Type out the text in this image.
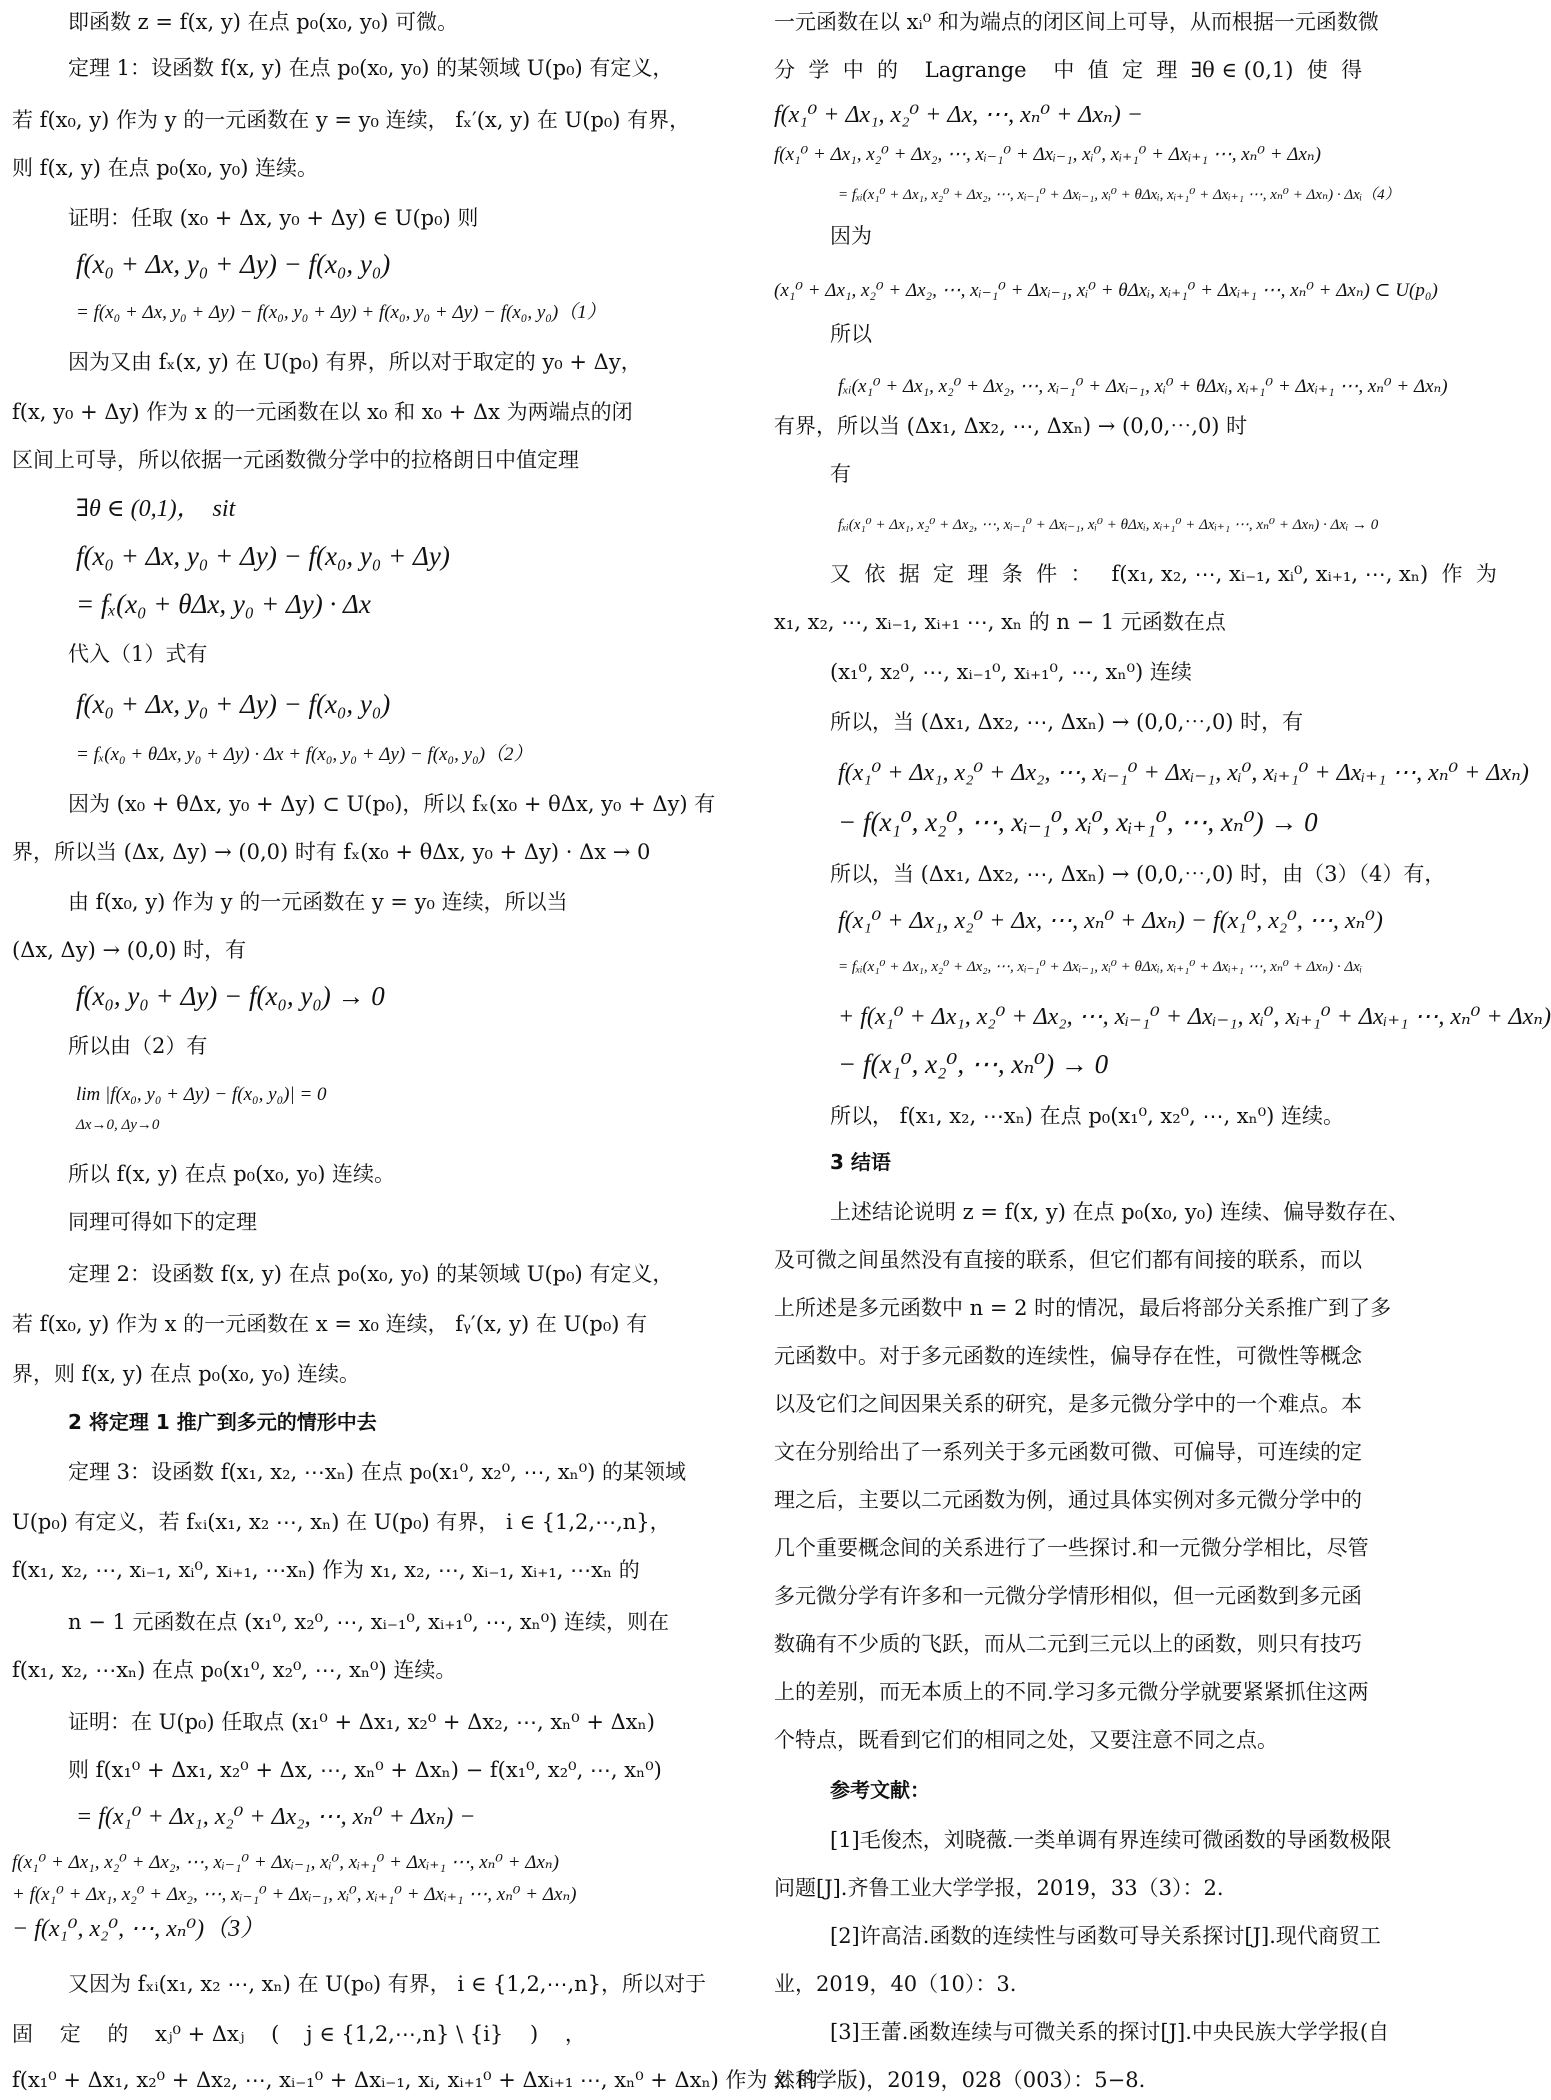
即函数 z = f(x, y) 在点 p₀(x₀, y₀) 可微。
定理 1：设函数 f(x, y) 在点 p₀(x₀, y₀) 的某领域 U(p₀) 有定义，
若 f(x₀, y) 作为 y 的一元函数在 y = y₀ 连续， fₓ′(x, y) 在 U(p₀) 有界，
则 f(x, y) 在点 p₀(x₀, y₀) 连续。
证明：任取 (x₀ + Δx, y₀ + Δy) ∈ U(p₀) 则
f(x₀ + Δx, y₀ + Δy) − f(x₀, y₀)
= f(x₀ + Δx, y₀ + Δy) − f(x₀, y₀ + Δy) + f(x₀, y₀ + Δy) − f(x₀, y₀)（1）
因为又由 fₓ(x, y) 在 U(p₀) 有界，所以对于取定的 y₀ + Δy，
f(x, y₀ + Δy) 作为 x 的一元函数在以 x₀ 和 x₀ + Δx 为两端点的闭
区间上可导，所以依据一元函数微分学中的拉格朗日中值定理
∃θ ∈ (0,1)，  sit
f(x₀ + Δx, y₀ + Δy) − f(x₀, y₀ + Δy)
= fₓ(x₀ + θΔx, y₀ + Δy) · Δx
代入（1）式有
f(x₀ + Δx, y₀ + Δy) − f(x₀, y₀)
= fₓ(x₀ + θΔx, y₀ + Δy) · Δx + f(x₀, y₀ + Δy) − f(x₀, y₀)（2）
因为 (x₀ + θΔx, y₀ + Δy) ⊂ U(p₀)，所以 fₓ(x₀ + θΔx, y₀ + Δy) 有
界，所以当 (Δx, Δy) → (0,0) 时有 fₓ(x₀ + θΔx, y₀ + Δy) · Δx → 0
由 f(x₀, y) 作为 y 的一元函数在 y = y₀ 连续，所以当
(Δx, Δy) → (0,0) 时，有
f(x₀, y₀ + Δy) − f(x₀, y₀) → 0
所以由（2）有
lim |f(x₀, y₀ + Δy) − f(x₀, y₀)| = 0
Δx→0, Δy→0
所以 f(x, y) 在点 p₀(x₀, y₀) 连续。
同理可得如下的定理
定理 2：设函数 f(x, y) 在点 p₀(x₀, y₀) 的某领域 U(p₀) 有定义，
若 f(x₀, y) 作为 x 的一元函数在 x = x₀ 连续， fᵧ′(x, y) 在 U(p₀) 有
界，则 f(x, y) 在点 p₀(x₀, y₀) 连续。
2 将定理 1 推广到多元的情形中去
定理 3：设函数 f(x₁, x₂, ⋯xₙ) 在点 p₀(x₁⁰, x₂⁰, ⋯, xₙ⁰) 的某领域
U(p₀) 有定义，若 fₓᵢ(x₁, x₂ ⋯, xₙ) 在 U(p₀) 有界， i ∈ {1,2,⋯,n}，
f(x₁, x₂, ⋯, xᵢ₋₁, xᵢ⁰, xᵢ₊₁, ⋯xₙ) 作为 x₁, x₂, ⋯, xᵢ₋₁, xᵢ₊₁, ⋯xₙ 的
n − 1 元函数在点 (x₁⁰, x₂⁰, ⋯, xᵢ₋₁⁰, xᵢ₊₁⁰, ⋯, xₙ⁰) 连续，则在
f(x₁, x₂, ⋯xₙ) 在点 p₀(x₁⁰, x₂⁰, ⋯, xₙ⁰) 连续。
证明：在 U(p₀) 任取点 (x₁⁰ + Δx₁, x₂⁰ + Δx₂, ⋯, xₙ⁰ + Δxₙ)
则 f(x₁⁰ + Δx₁, x₂⁰ + Δx, ⋯, xₙ⁰ + Δxₙ) − f(x₁⁰, x₂⁰, ⋯, xₙ⁰)
= f(x₁⁰ + Δx₁, x₂⁰ + Δx₂, ⋯, xₙ⁰ + Δxₙ) −
f(x₁⁰ + Δx₁, x₂⁰ + Δx₂, ⋯, xᵢ₋₁⁰ + Δxᵢ₋₁, xᵢ⁰, xᵢ₊₁⁰ + Δxᵢ₊₁ ⋯, xₙ⁰ + Δxₙ)
+ f(x₁⁰ + Δx₁, x₂⁰ + Δx₂, ⋯, xᵢ₋₁⁰ + Δxᵢ₋₁, xᵢ⁰, xᵢ₊₁⁰ + Δxᵢ₊₁ ⋯, xₙ⁰ + Δxₙ)
− f(x₁⁰, x₂⁰, ⋯, xₙ⁰)（3）
又因为 fₓᵢ(x₁, x₂ ⋯, xₙ) 在 U(p₀) 有界， i ∈ {1,2,⋯,n}，所以对于
固    定    的    xⱼ⁰ + Δxⱼ    (    j ∈ {1,2,⋯,n} \ {i}    )    ，
f(x₁⁰ + Δx₁, x₂⁰ + Δx₂, ⋯, xᵢ₋₁⁰ + Δxᵢ₋₁, xᵢ, xᵢ₊₁⁰ + Δxᵢ₊₁ ⋯, xₙ⁰ + Δxₙ) 作为 xᵢ 的
一元函数在以 xᵢ⁰ 和为端点的闭区间上可导，从而根据一元函数微
分  学  中  的    Lagrange    中  值  定  理  ∃θ ∈ (0,1)  使  得
f(x₁⁰ + Δx₁, x₂⁰ + Δx, ⋯, xₙ⁰ + Δxₙ) −
f(x₁⁰ + Δx₁, x₂⁰ + Δx₂, ⋯, xᵢ₋₁⁰ + Δxᵢ₋₁, xᵢ⁰, xᵢ₊₁⁰ + Δxᵢ₊₁ ⋯, xₙ⁰ + Δxₙ)
= fₓᵢ(x₁⁰ + Δx₁, x₂⁰ + Δx₂, ⋯, xᵢ₋₁⁰ + Δxᵢ₋₁, xᵢ⁰ + θΔxᵢ, xᵢ₊₁⁰ + Δxᵢ₊₁ ⋯, xₙ⁰ + Δxₙ) · Δxᵢ（4）
因为
(x₁⁰ + Δx₁, x₂⁰ + Δx₂, ⋯, xᵢ₋₁⁰ + Δxᵢ₋₁, xᵢ⁰ + θΔxᵢ, xᵢ₊₁⁰ + Δxᵢ₊₁ ⋯, xₙ⁰ + Δxₙ) ⊂ U(p₀)
所以
fₓᵢ(x₁⁰ + Δx₁, x₂⁰ + Δx₂, ⋯, xᵢ₋₁⁰ + Δxᵢ₋₁, xᵢ⁰ + θΔxᵢ, xᵢ₊₁⁰ + Δxᵢ₊₁ ⋯, xₙ⁰ + Δxₙ)
有界，所以当 (Δx₁, Δx₂, ⋯, Δxₙ) → (0,0,⋯,0) 时
有
fₓᵢ(x₁⁰ + Δx₁, x₂⁰ + Δx₂, ⋯, xᵢ₋₁⁰ + Δxᵢ₋₁, xᵢ⁰ + θΔxᵢ, xᵢ₊₁⁰ + Δxᵢ₊₁ ⋯, xₙ⁰ + Δxₙ) · Δxᵢ → 0
又  依  据  定  理  条  件  ：   f(x₁, x₂, ⋯, xᵢ₋₁, xᵢ⁰, xᵢ₊₁, ⋯, xₙ)  作  为
x₁, x₂, ⋯, xᵢ₋₁, xᵢ₊₁ ⋯, xₙ 的 n − 1 元函数在点
(x₁⁰, x₂⁰, ⋯, xᵢ₋₁⁰, xᵢ₊₁⁰, ⋯, xₙ⁰) 连续
所以，当 (Δx₁, Δx₂, ⋯, Δxₙ) → (0,0,⋯,0) 时，有
f(x₁⁰ + Δx₁, x₂⁰ + Δx₂, ⋯, xᵢ₋₁⁰ + Δxᵢ₋₁, xᵢ⁰, xᵢ₊₁⁰ + Δxᵢ₊₁ ⋯, xₙ⁰ + Δxₙ)
− f(x₁⁰, x₂⁰, ⋯, xᵢ₋₁⁰, xᵢ⁰, xᵢ₊₁⁰, ⋯, xₙ⁰) → 0
所以，当 (Δx₁, Δx₂, ⋯, Δxₙ) → (0,0,⋯,0) 时，由（3）（4）有，
f(x₁⁰ + Δx₁, x₂⁰ + Δx, ⋯, xₙ⁰ + Δxₙ) − f(x₁⁰, x₂⁰, ⋯, xₙ⁰)
= fₓᵢ(x₁⁰ + Δx₁, x₂⁰ + Δx₂, ⋯, xᵢ₋₁⁰ + Δxᵢ₋₁, xᵢ⁰ + θΔxᵢ, xᵢ₊₁⁰ + Δxᵢ₊₁ ⋯, xₙ⁰ + Δxₙ) · Δxᵢ
+ f(x₁⁰ + Δx₁, x₂⁰ + Δx₂, ⋯, xᵢ₋₁⁰ + Δxᵢ₋₁, xᵢ⁰, xᵢ₊₁⁰ + Δxᵢ₊₁ ⋯, xₙ⁰ + Δxₙ)
− f(x₁⁰, x₂⁰, ⋯, xₙ⁰) → 0
所以， f(x₁, x₂, ⋯xₙ) 在点 p₀(x₁⁰, x₂⁰, ⋯, xₙ⁰) 连续。
3 结语
上述结论说明 z = f(x, y) 在点 p₀(x₀, y₀) 连续、偏导数存在、
及可微之间虽然没有直接的联系，但它们都有间接的联系，而以
上所述是多元函数中 n = 2 时的情况，最后将部分关系推广到了多
元函数中。对于多元函数的连续性，偏导存在性，可微性等概念
以及它们之间因果关系的研究，是多元微分学中的一个难点。本
文在分别给出了一系列关于多元函数可微、可偏导，可连续的定
理之后，主要以二元函数为例，通过具体实例对多元微分学中的
几个重要概念间的关系进行了一些探讨.和一元微分学相比，尽管
多元微分学有许多和一元微分学情形相似，但一元函数到多元函
数确有不少质的飞跃，而从二元到三元以上的函数，则只有技巧
上的差别，而无本质上的不同.学习多元微分学就要紧紧抓住这两
个特点，既看到它们的相同之处，又要注意不同之点。
参考文献：
[1]毛俊杰，刘晓薇.一类单调有界连续可微函数的导函数极限
问题[J].齐鲁工业大学学报，2019，33（3）：2.
[2]许高洁.函数的连续性与函数可导关系探讨[J].现代商贸工
业，2019，40（10）：3.
[3]王蕾.函数连续与可微关系的探讨[J].中央民族大学学报(自
然科学版)，2019，028（003）：5−8.
